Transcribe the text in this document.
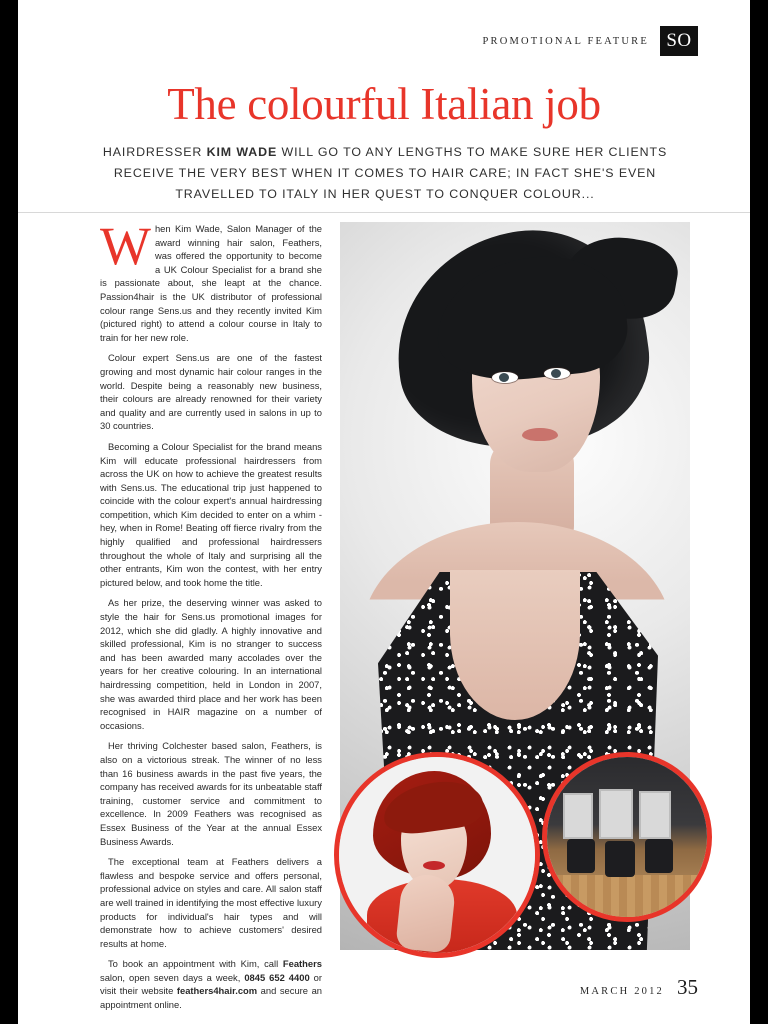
PROMOTIONAL FEATURE SO
The colourful Italian job
HAIRDRESSER KIM WADE WILL GO TO ANY LENGTHS TO MAKE SURE HER CLIENTS RECEIVE THE VERY BEST WHEN IT COMES TO HAIR CARE; IN FACT SHE'S EVEN TRAVELLED TO ITALY IN HER QUEST TO CONQUER COLOUR...

When Kim Wade, Salon Manager of the award winning hair salon, Feathers, was offered the opportunity to become a UK Colour Specialist for a brand she is passionate about, she leapt at the chance. Passion4hair is the UK distributor of professional colour range Sens.us and they recently invited Kim (pictured right) to attend a colour course in Italy to train for her new role.

Colour expert Sens.us are one of the fastest growing and most dynamic hair colour ranges in the world. Despite being a reasonably new business, their colours are already renowned for their variety and quality and are currently used in salons in up to 30 countries.

Becoming a Colour Specialist for the brand means Kim will educate professional hairdressers from across the UK on how to achieve the greatest results with Sens.us. The educational trip just happened to coincide with the colour expert's annual hairdressing competition, which Kim decided to enter on a whim - hey, when in Rome! Beating off fierce rivalry from the highly qualified and professional hairdressers throughout the whole of Italy and surprising all the other entrants, Kim won the contest, with her entry pictured below, and took home the title.

As her prize, the deserving winner was asked to style the hair for Sens.us promotional images for 2012, which she did gladly. A highly innovative and skilled professional, Kim is no stranger to success and has been awarded many accolades over the years for her creative colouring. In an international hairdressing competition, held in London in 2007, she was awarded third place and her work has been recognised in HAIR magazine on a number of occasions.

Her thriving Colchester based salon, Feathers, is also on a victorious streak. The winner of no less than 16 business awards in the past five years, the company has received awards for its unbeatable staff training, customer service and commitment to excellence. In 2009 Feathers was recognised as Essex Business of the Year at the annual Essex Business Awards.

The exceptional team at Feathers delivers a flawless and bespoke service and offers personal, professional advice on styles and care. All salon staff are well trained in identifying the most effective luxury products for individual's hair types and will demonstrate how to achieve customers' desired results at home.

To book an appointment with Kim, call Feathers salon, open seven days a week, 0845 652 4400 or visit their website feathers4hair.com and secure an appointment online.

MARCH 2012 35
